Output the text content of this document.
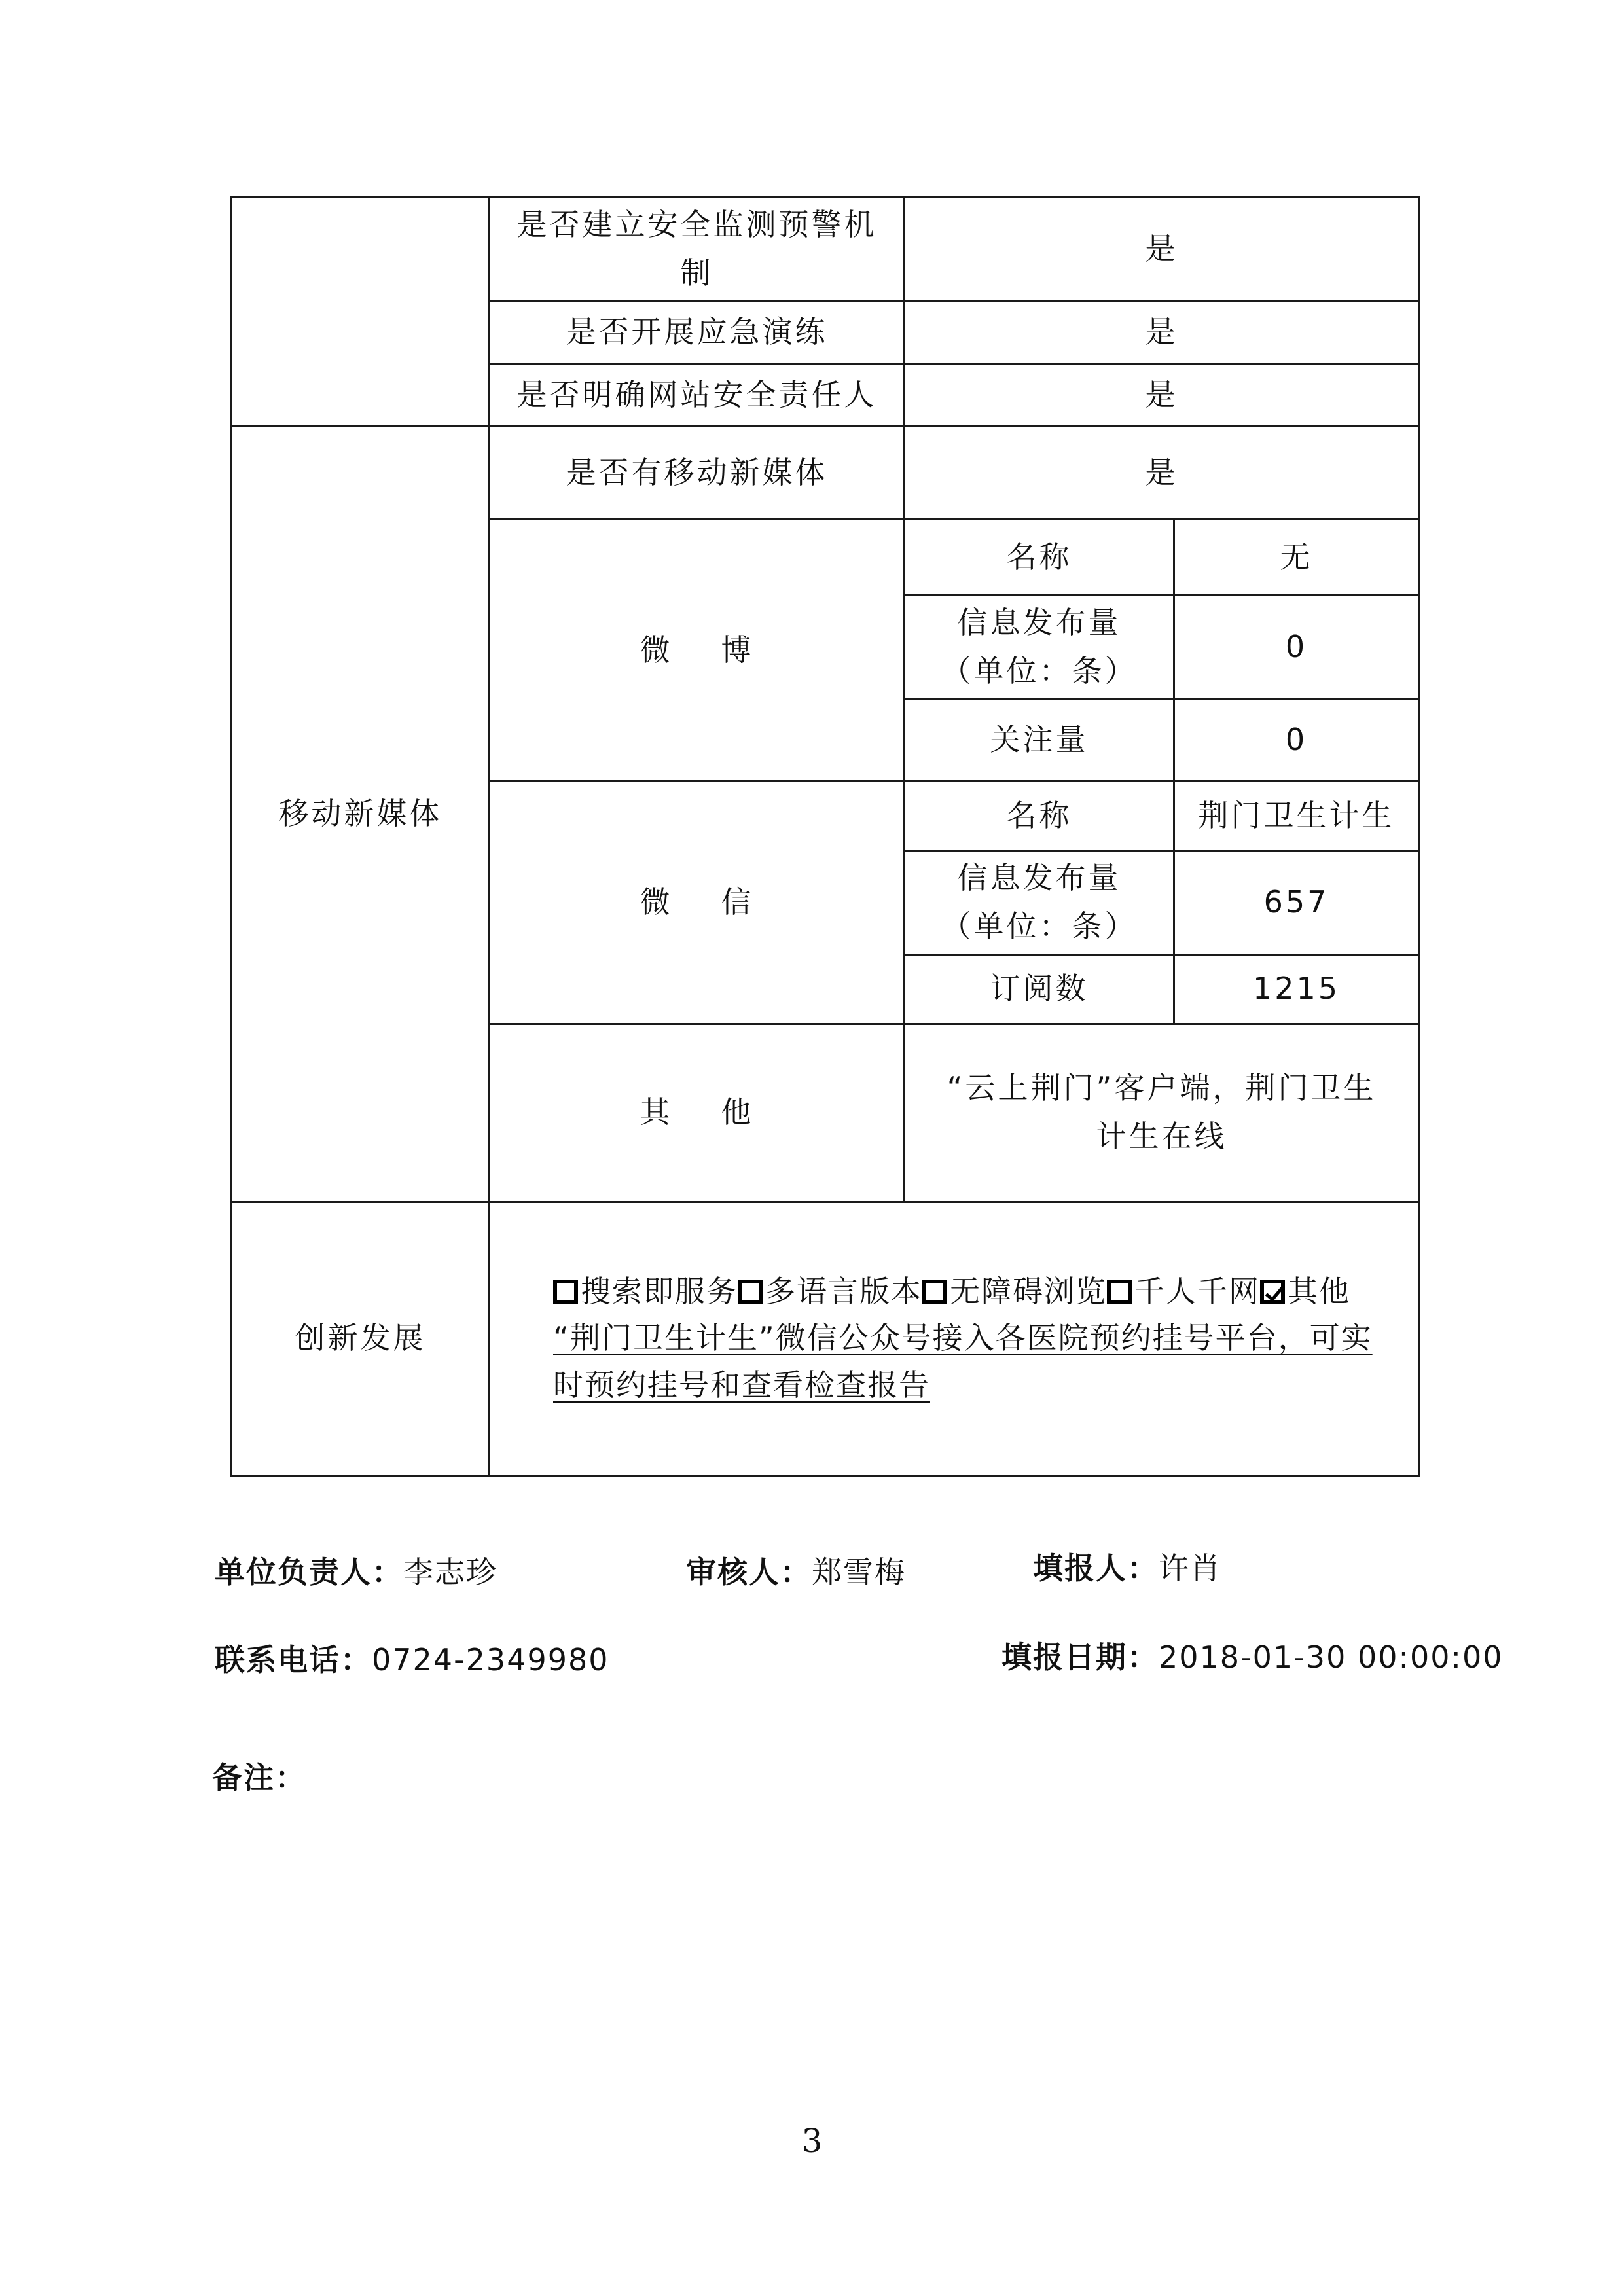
	是否建立安全监测预警机制	是	
	是否开展应急演练	是	
	是否明确网站安全责任人	是	
移动新媒体	是否有移动新媒体	是	
	微 博	名称	无
		信息发布量（单位：条）	0
		关注量	0
	微 信	名称	荆门卫生计生
		信息发布量（单位：条）	657
		订阅数	1215
	其 他	“云上荆门”客户端，荆门卫生计生在线	
创新发展	搜索即服务 多语言版本 无障碍浏览 千人千网 其他
“荆门卫生计生”微信公众号接入各医院预约挂号平台，可实时预约挂号和查看检查报告		
单位负责人：李志珍	审核人：郑雪梅	填报人：许肖
联系电话：0724-2349980	填报日期：2018-01-30 00:00:00
备注：
3
